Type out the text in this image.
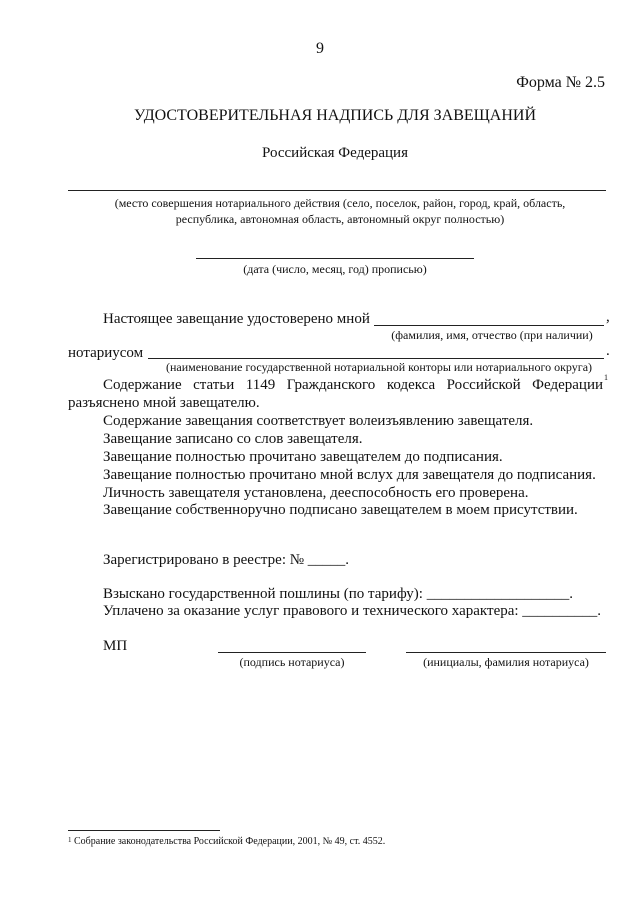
9
Форма № 2.5
УДОСТОВЕРИТЕЛЬНАЯ НАДПИСЬ ДЛЯ ЗАВЕЩАНИЙ
Российская Федерация
(место совершения нотариального действия (село, поселок, район, город, край, область,
республика, автономная область, автономный округ полностью)
(дата (число, месяц, год) прописью)
Настоящее завещание удостоверено мной	,
(фамилия, имя, отчество (при наличии)
нотариусом	.
(наименование государственной нотариальной конторы или нотариального округа)
Содержание статьи 1149 Гражданского кодекса Российской Федерации 1
разъяснено мной завещателю.
Содержание завещания соответствует волеизъявлению завещателя.
Завещание записано со слов завещателя.
Завещание полностью прочитано завещателем до подписания.
Завещание полностью прочитано мной вслух для завещателя до подписания.
Личность завещателя установлена, дееспособность его проверена.
Завещание собственноручно подписано завещателем в моем присутствии.
Зарегистрировано в реестре: № _____.
Взыскано государственной пошлины (по тарифу): ___________________.
Уплачено за оказание услуг правового и технического характера: __________.
МП
(подпись нотариуса)	(инициалы, фамилия нотариуса)
$^1$ Собрание законодательства Российской Федерации, 2001, № 49, ст. 4552.
